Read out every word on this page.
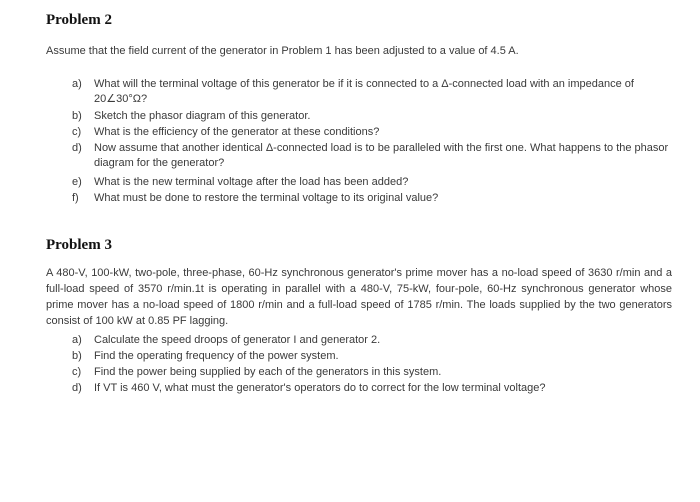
Problem 2
Assume that the field current of the generator in Problem 1 has been adjusted to a value of 4.5 A.
a)	What will the terminal voltage of this generator be if it is connected to a Δ-connected load with an impedance of 20∠30°Ω?
b)	Sketch the phasor diagram of this generator.
c)	What is the efficiency of the generator at these conditions?
d)	Now assume that another identical Δ-connected load is to be paralleled with the first one. What happens to the phasor diagram for the generator?
e)	What is the new terminal voltage after the load has been added?
f)	What must be done to restore the terminal voltage to its original value?
Problem 3
A 480-V, 100-kW, two-pole, three-phase, 60-Hz synchronous generator's prime mover has a no-load speed of 3630 r/min and a full-load speed of 3570 r/min.1t is operating in parallel with a 480-V, 75-kW, four-pole, 60-Hz synchronous generator whose prime mover has a no-load speed of 1800 r/min and a full-load speed of 1785 r/min. The loads supplied by the two generators consist of 100 kW at 0.85 PF lagging.
a)	Calculate the speed droops of generator I and generator 2.
b)	Find the operating frequency of the power system.
c)	Find the power being supplied by each of the generators in this system.
d)	If VT is 460 V, what must the generator's operators do to correct for the low terminal voltage?
